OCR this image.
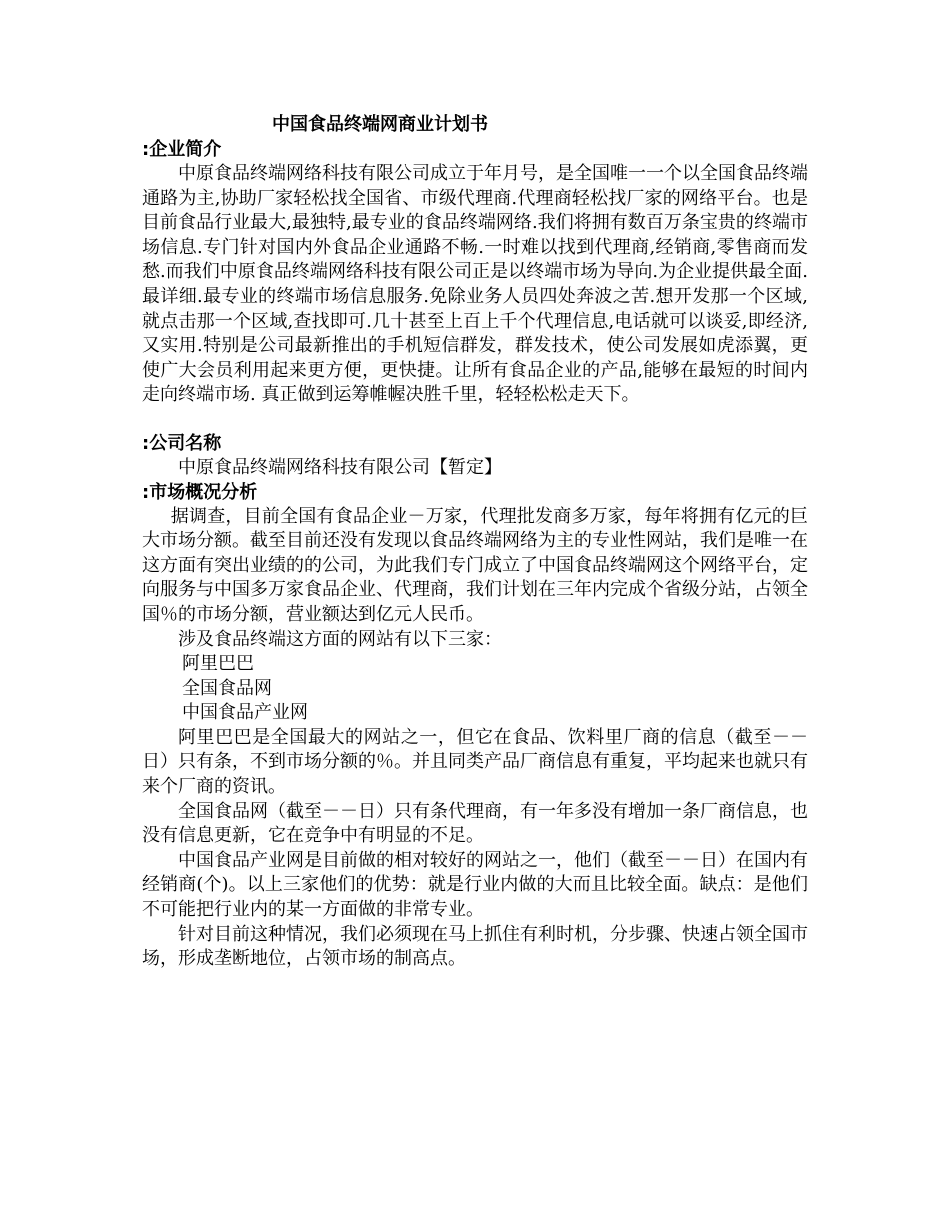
中国食品终端网商业计划书
:企业简介

中原食品终端网络科技有限公司成立于年月号，是全国唯一一个以全国食品终端通路为主,协助厂家轻松找全国省、市级代理商.代理商轻松找厂家的网络平台。也是目前食品行业最大,最独特,最专业的食品终端网络.我们将拥有数百万条宝贵的终端市场信息.专门针对国内外食品企业通路不畅.一时难以找到代理商,经销商,零售商而发愁.而我们中原食品终端网络科技有限公司正是以终端市场为导向.为企业提供最全面.最详细.最专业的终端市场信息服务.免除业务人员四处奔波之苦.想开发那一个区域,就点击那一个区域,查找即可.几十甚至上百上千个代理信息,电话就可以谈妥,即经济,又实用.特别是公司最新推出的手机短信群发，群发技术，使公司发展如虎添翼，更使广大会员利用起来更方便，更快捷。让所有食品企业的产品,能够在最短的时间内走向终端市场. 真正做到运筹帷幄决胜千里，轻轻松松走天下。

:公司名称

中原食品终端网络科技有限公司【暂定】

:市场概况分析

据调查，目前全国有食品企业－万家，代理批发商多万家，每年将拥有亿元的巨大市场分额。截至目前还没有发现以食品终端网络为主的专业性网站，我们是唯一在这方面有突出业绩的的公司，为此我们专门成立了中国食品终端网这个网络平台，定向服务与中国多万家食品企业、代理商，我们计划在三年内完成个省级分站，占领全国％的市场分额，营业额达到亿元人民币。

涉及食品终端这方面的网站有以下三家：

阿里巴巴

全国食品网

中国食品产业网

阿里巴巴是全国最大的网站之一，但它在食品、饮料里厂商的信息（截至－－日）只有条，不到市场分额的％。并且同类产品厂商信息有重复，平均起来也就只有来个厂商的资讯。

全国食品网（截至－－日）只有条代理商，有一年多没有增加一条厂商信息，也没有信息更新，它在竞争中有明显的不足。

中国食品产业网是目前做的相对较好的网站之一，他们（截至－－日）在国内有经销商(个)。以上三家他们的优势：就是行业内做的大而且比较全面。缺点：是他们不可能把行业内的某一方面做的非常专业。

针对目前这种情况，我们必须现在马上抓住有利时机，分步骤、快速占领全国市场，形成垄断地位，占领市场的制高点。
